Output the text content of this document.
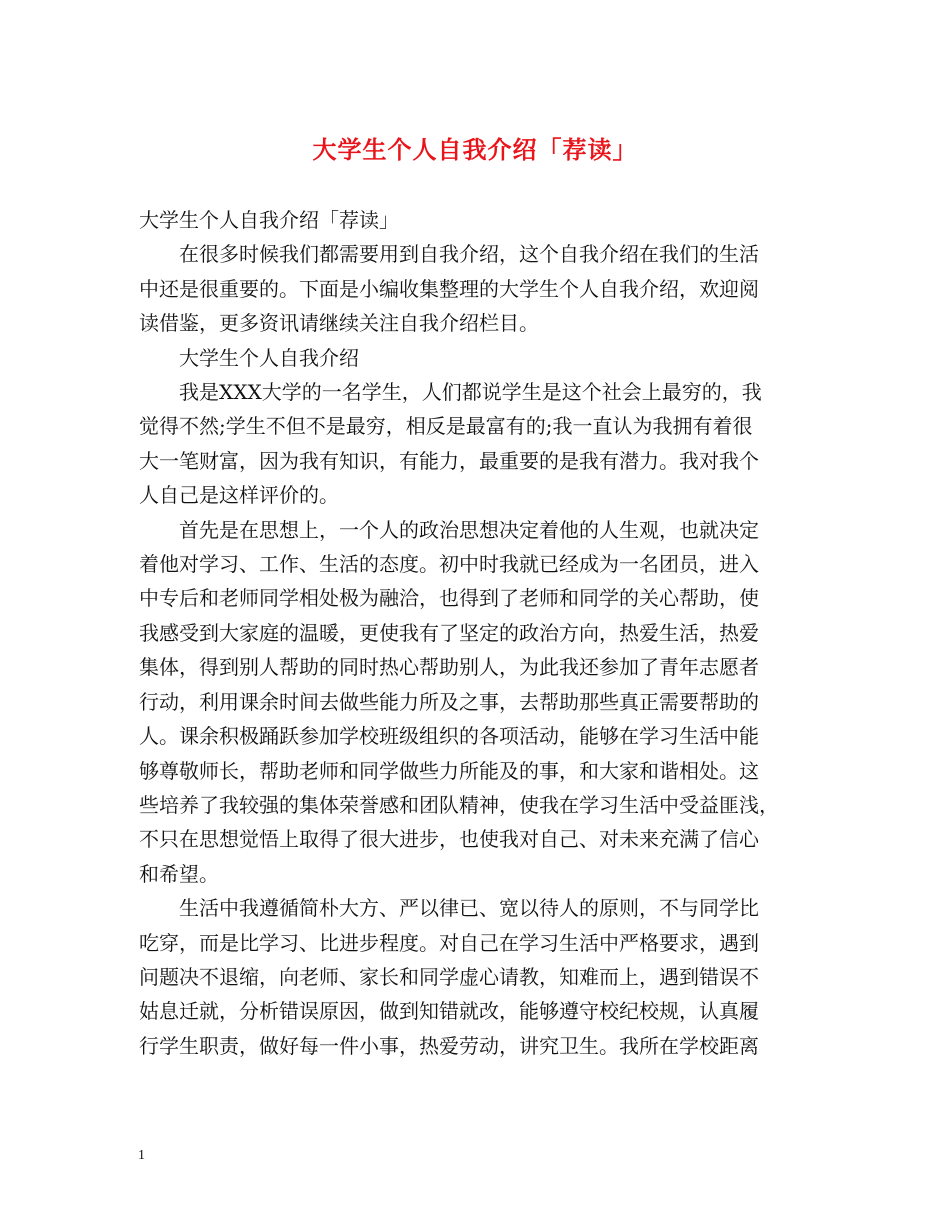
大学生个人自我介绍「荐读」

大学生个人自我介绍「荐读」

　　在很多时候我们都需要用到自我介绍，这个自我介绍在我们的生活

中还是很重要的。下面是小编收集整理的大学生个人自我介绍，欢迎阅

读借鉴，更多资讯请继续关注自我介绍栏目。

　　大学生个人自我介绍

　　我是XXX大学的一名学生，人们都说学生是这个社会上最穷的，我

觉得不然;学生不但不是最穷，相反是最富有的;我一直认为我拥有着很

大一笔财富，因为我有知识，有能力，最重要的是我有潜力。我对我个

人自己是这样评价的。

　　首先是在思想上，一个人的政治思想决定着他的人生观，也就决定

着他对学习、工作、生活的态度。初中时我就已经成为一名团员，进入

中专后和老师同学相处极为融洽，也得到了老师和同学的关心帮助，使

我感受到大家庭的温暖，更使我有了坚定的政治方向，热爱生活，热爱

集体，得到别人帮助的同时热心帮助别人，为此我还参加了青年志愿者

行动，利用课余时间去做些能力所及之事，去帮助那些真正需要帮助的

人。课余积极踊跃参加学校班级组织的各项活动，能够在学习生活中能

够尊敬师长，帮助老师和同学做些力所能及的事，和大家和谐相处。这

些培养了我较强的集体荣誉感和团队精神，使我在学习生活中受益匪浅，

不只在思想觉悟上取得了很大进步，也使我对自己、对未来充满了信心

和希望。

　　生活中我遵循简朴大方、严以律已、宽以待人的原则，不与同学比

吃穿，而是比学习、比进步程度。对自己在学习生活中严格要求，遇到

问题决不退缩，向老师、家长和同学虚心请教，知难而上，遇到错误不

姑息迁就，分析错误原因，做到知错就改，能够遵守校纪校规，认真履

行学生职责，做好每一件小事，热爱劳动，讲究卫生。我所在学校距离

1
